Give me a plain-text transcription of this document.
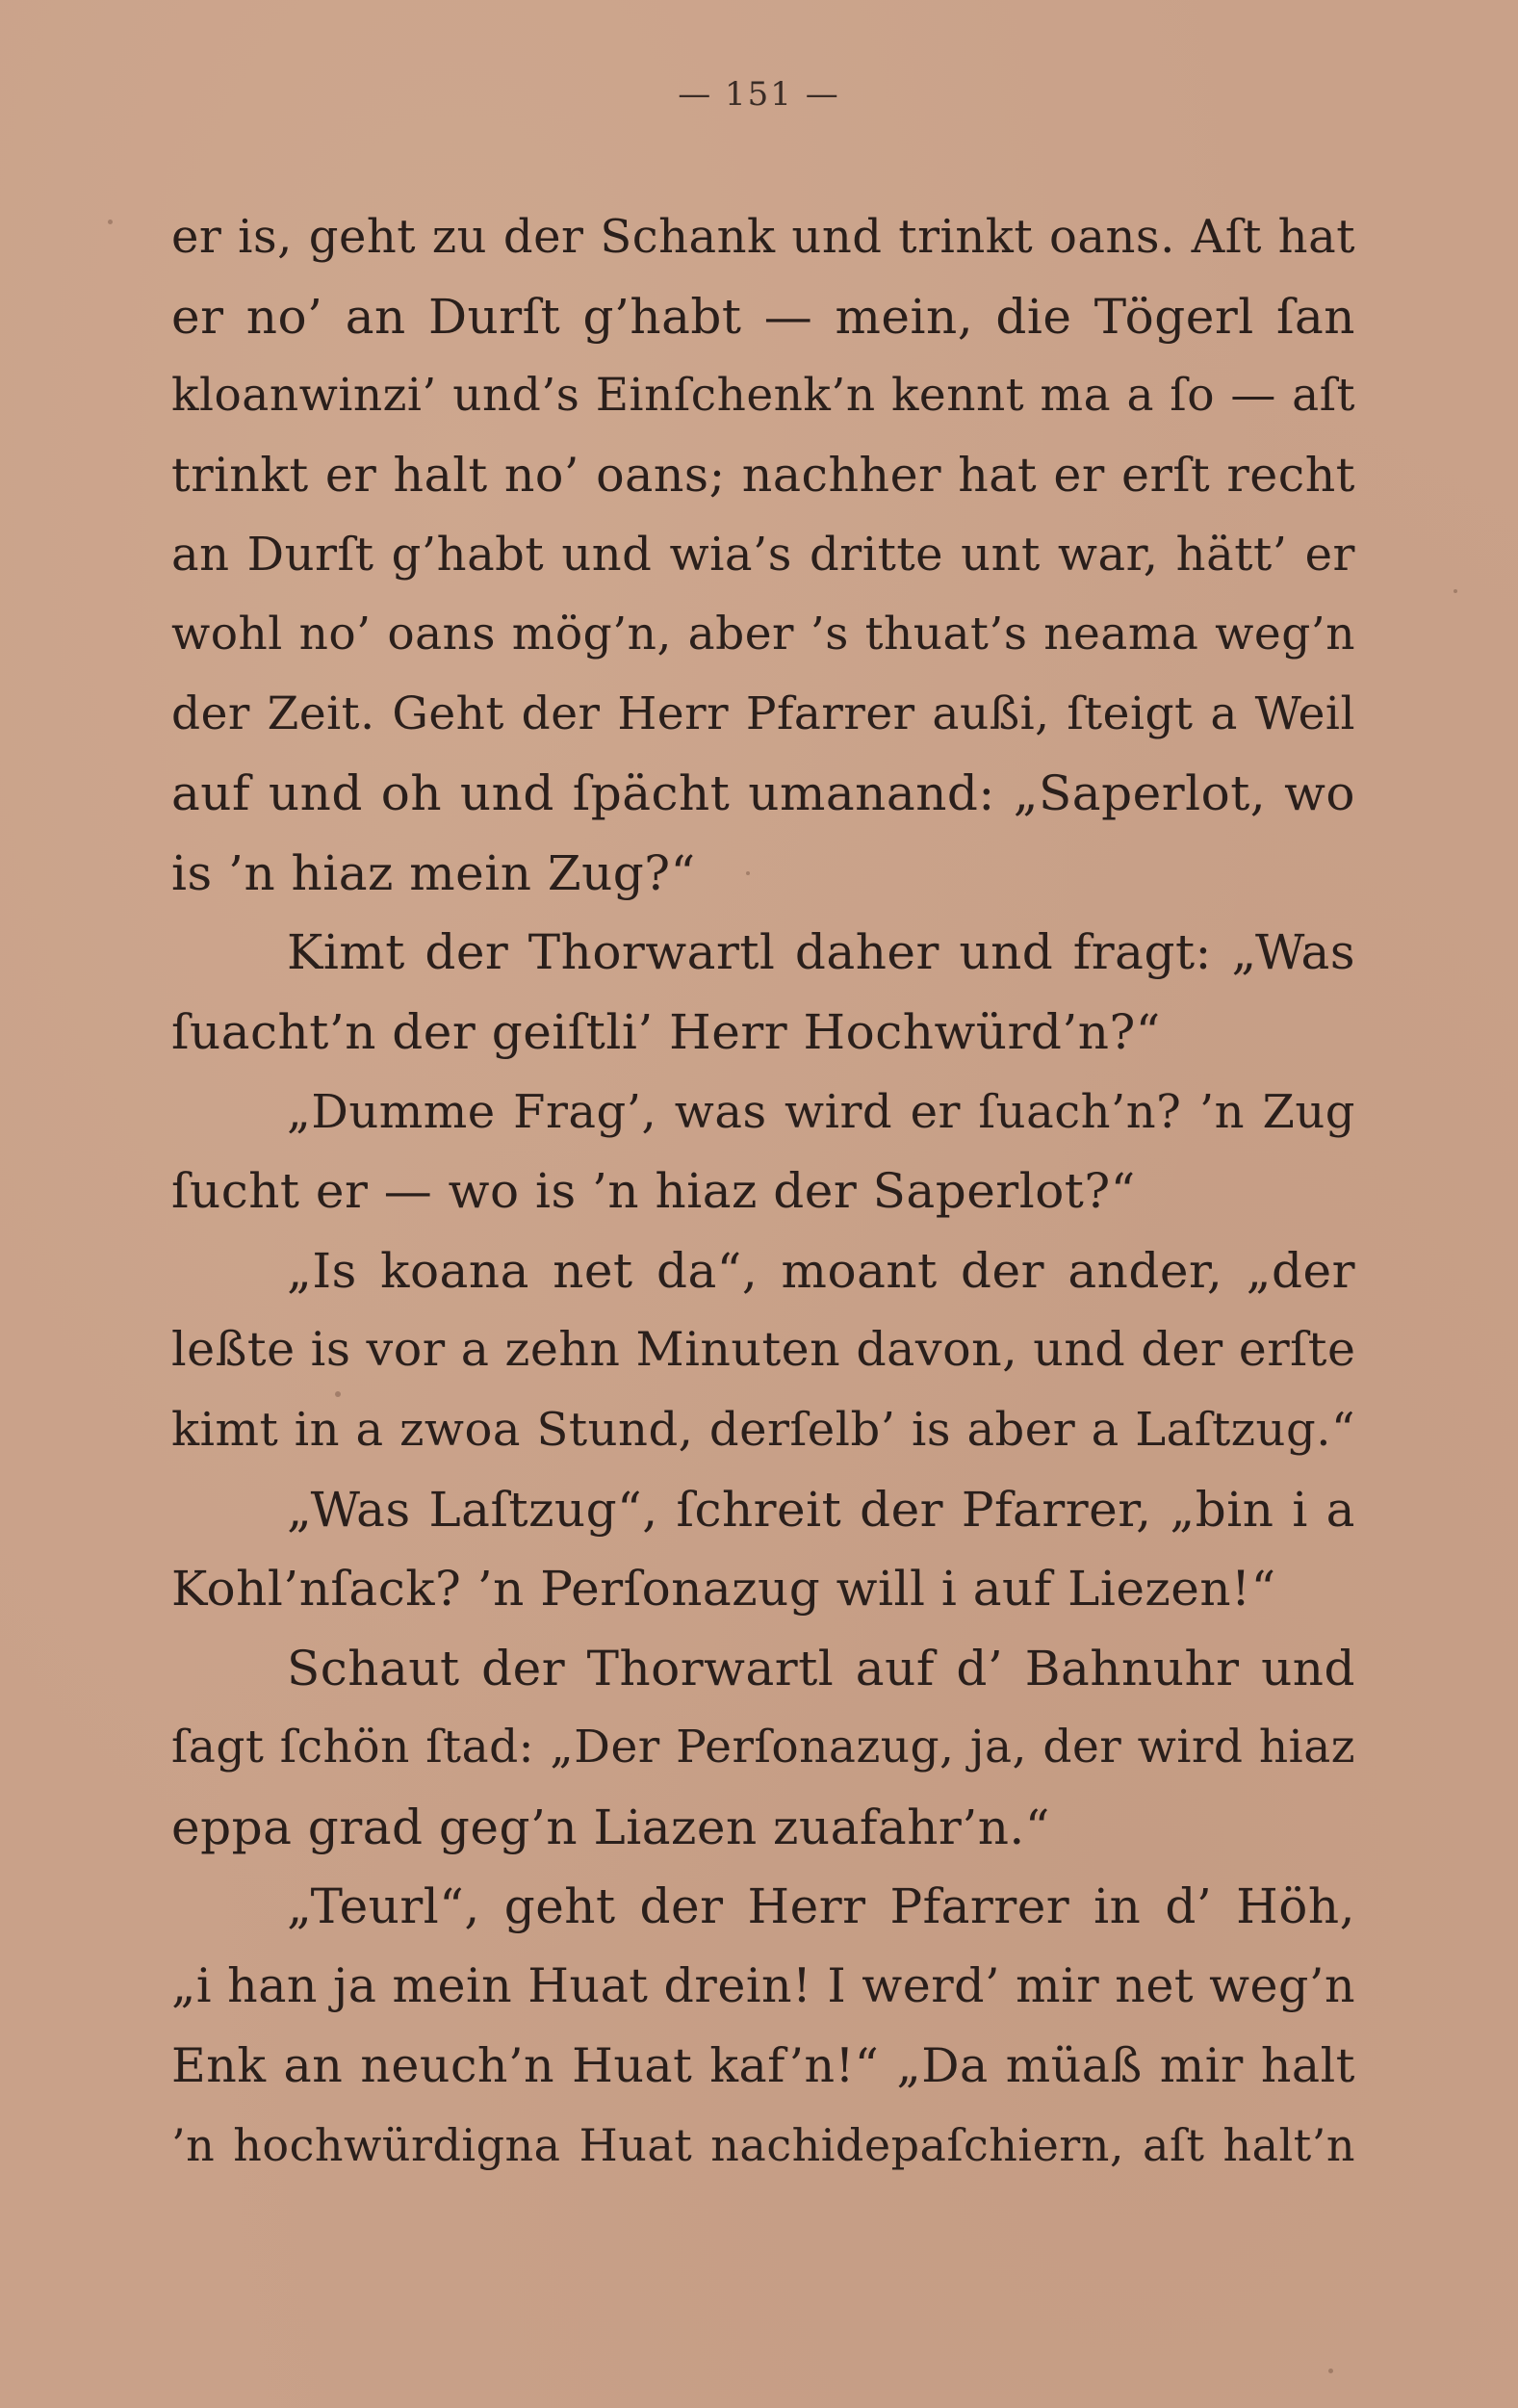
— 151 —
er is, geht zu der Schank und trinkt oans. Aſt hat
er no’ an Durſt g’habt — mein, die Tögerl ſan
kloanwinzi’ und’s Einſchenk’n kennt ma a ſo — aſt
trinkt er halt no’ oans; nachher hat er erſt recht
an Durſt g’habt und wia’s dritte unt war, hätt’ er
wohl no’ oans mög’n, aber ’s thuat’s neama weg’n
der Zeit. Geht der Herr Pfarrer außi, ſteigt a Weil
auf und oh und ſpächt umanand: „Saperlot, wo
is ’n hiaz mein Zug?“
Kimt der Thorwartl daher und fragt: „Was
ſuacht’n der geiſtli’ Herr Hochwürd’n?“
„Dumme Frag’, was wird er ſuach’n? ’n Zug
ſucht er — wo is ’n hiaz der Saperlot?“
„Is koana net da“, moant der ander, „der
leßte is vor a zehn Minuten davon, und der erſte
kimt in a zwoa Stund, derſelb’ is aber a Laſtzug.“
„Was Laſtzug“, ſchreit der Pfarrer, „bin i a
Kohl’nſack? ’n Perſonazug will i auf Liezen!“
Schaut der Thorwartl auf d’ Bahnuhr und
ſagt ſchön ſtad: „Der Perſonazug, ja, der wird hiaz
eppa grad geg’n Liazen zuafahr’n.“
„Teurl“, geht der Herr Pfarrer in d’ Höh,
„i han ja mein Huat drein! I werd’ mir net weg’n
Enk an neuch’n Huat kaf’n!“ „Da müaß mir halt
’n hochwürdigna Huat nachidepaſchiern, aſt halt’n
